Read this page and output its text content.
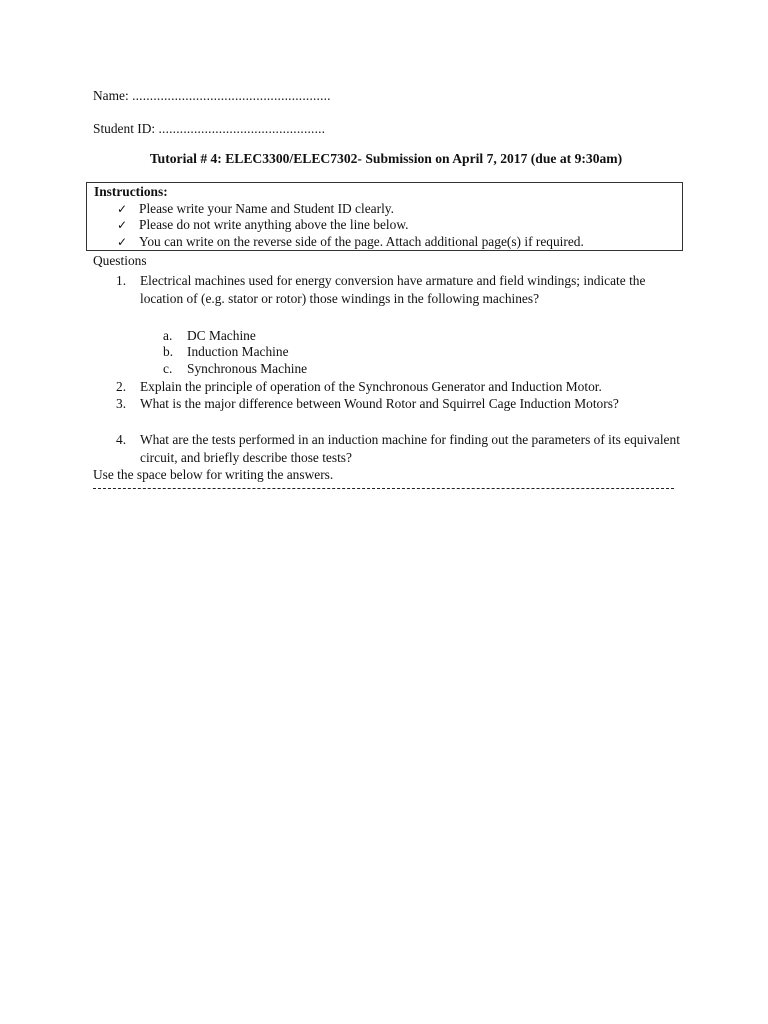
Name: ........................................................
Student ID: ...............................................
Tutorial # 4: ELEC3300/ELEC7302- Submission on April 7, 2017 (due at 9:30am)
Instructions:
✓ Please write your Name and Student ID clearly.
✓ Please do not write anything above the line below.
✓ You can write on the reverse side of the page. Attach additional page(s) if required.
Questions
1. Electrical machines used for energy conversion have armature and field windings; indicate the location of (e.g. stator or rotor) those windings in the following machines?
a. DC Machine
b. Induction Machine
c. Synchronous Machine
2. Explain the principle of operation of the Synchronous Generator and Induction Motor.
3. What is the major difference between Wound Rotor and Squirrel Cage Induction Motors?
4. What are the tests performed in an induction machine for finding out the parameters of its equivalent circuit, and briefly describe those tests?
Use the space below for writing the answers.
